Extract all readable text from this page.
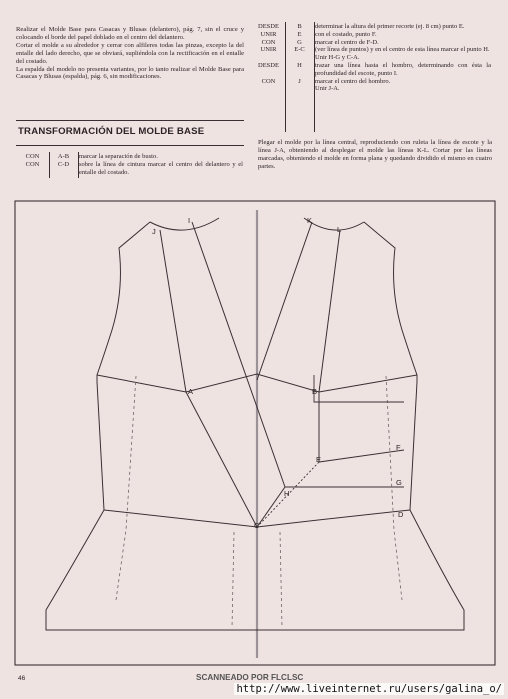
Realizar el Molde Base para Casacas y Blusas (delantero), pág. 7, sin el cruce y colocando el borde del papel doblado en el centro del delantero.

Cortar el molde a su alrededor y cerrar con alfileres todas las pinzas, excepto la del entalle del lado derecho, que se obviará, supliéndola con la rectificación en el entalle del costado.

La espalda del modelo no presenta variantes, por lo tanto realizar el Molde Base para Casacas y Blusas (espalda), pág. 6, sin modificaciones.

TRANSFORMACIÓN DEL MOLDE BASE
CON	A-B	marcar la separación de busto.
CON	C-D	sobre la línea de cintura marcar el centro del delantero y el entalle del costado.
DESDE	B	determinar la altura del primer recorte (ej. 8 cm) punto E.
UNIR	E	con el costado, punto F.
CON	G	marcar el centro de F-D.
UNIR	E-C	(ver línea de puntos) y en el centro de esta línea marcar el punto H.
		Unir H-G y C-A.
DESDE	H	trazar una línea hasta el hombro, determinando con ésta la profundidad del escote, punto I.
CON	J	marcar el centro del hombro.
		Unir J-A.
Plegar el molde por la línea central, reproduciendo con ruleta la línea de escote y la línea J-A, obteniendo al desplegar el molde las líneas K-L. Cortar por las líneas marcadas, obteniendo el molde en forma plana y quedando dividido el mismo en cuatro partes.
J
I	K
L
A	B
E
F
G
H
C
D
46	SCANNEADO POR FLCLSC
http://www.liveinternet.ru/users/galina_o/
